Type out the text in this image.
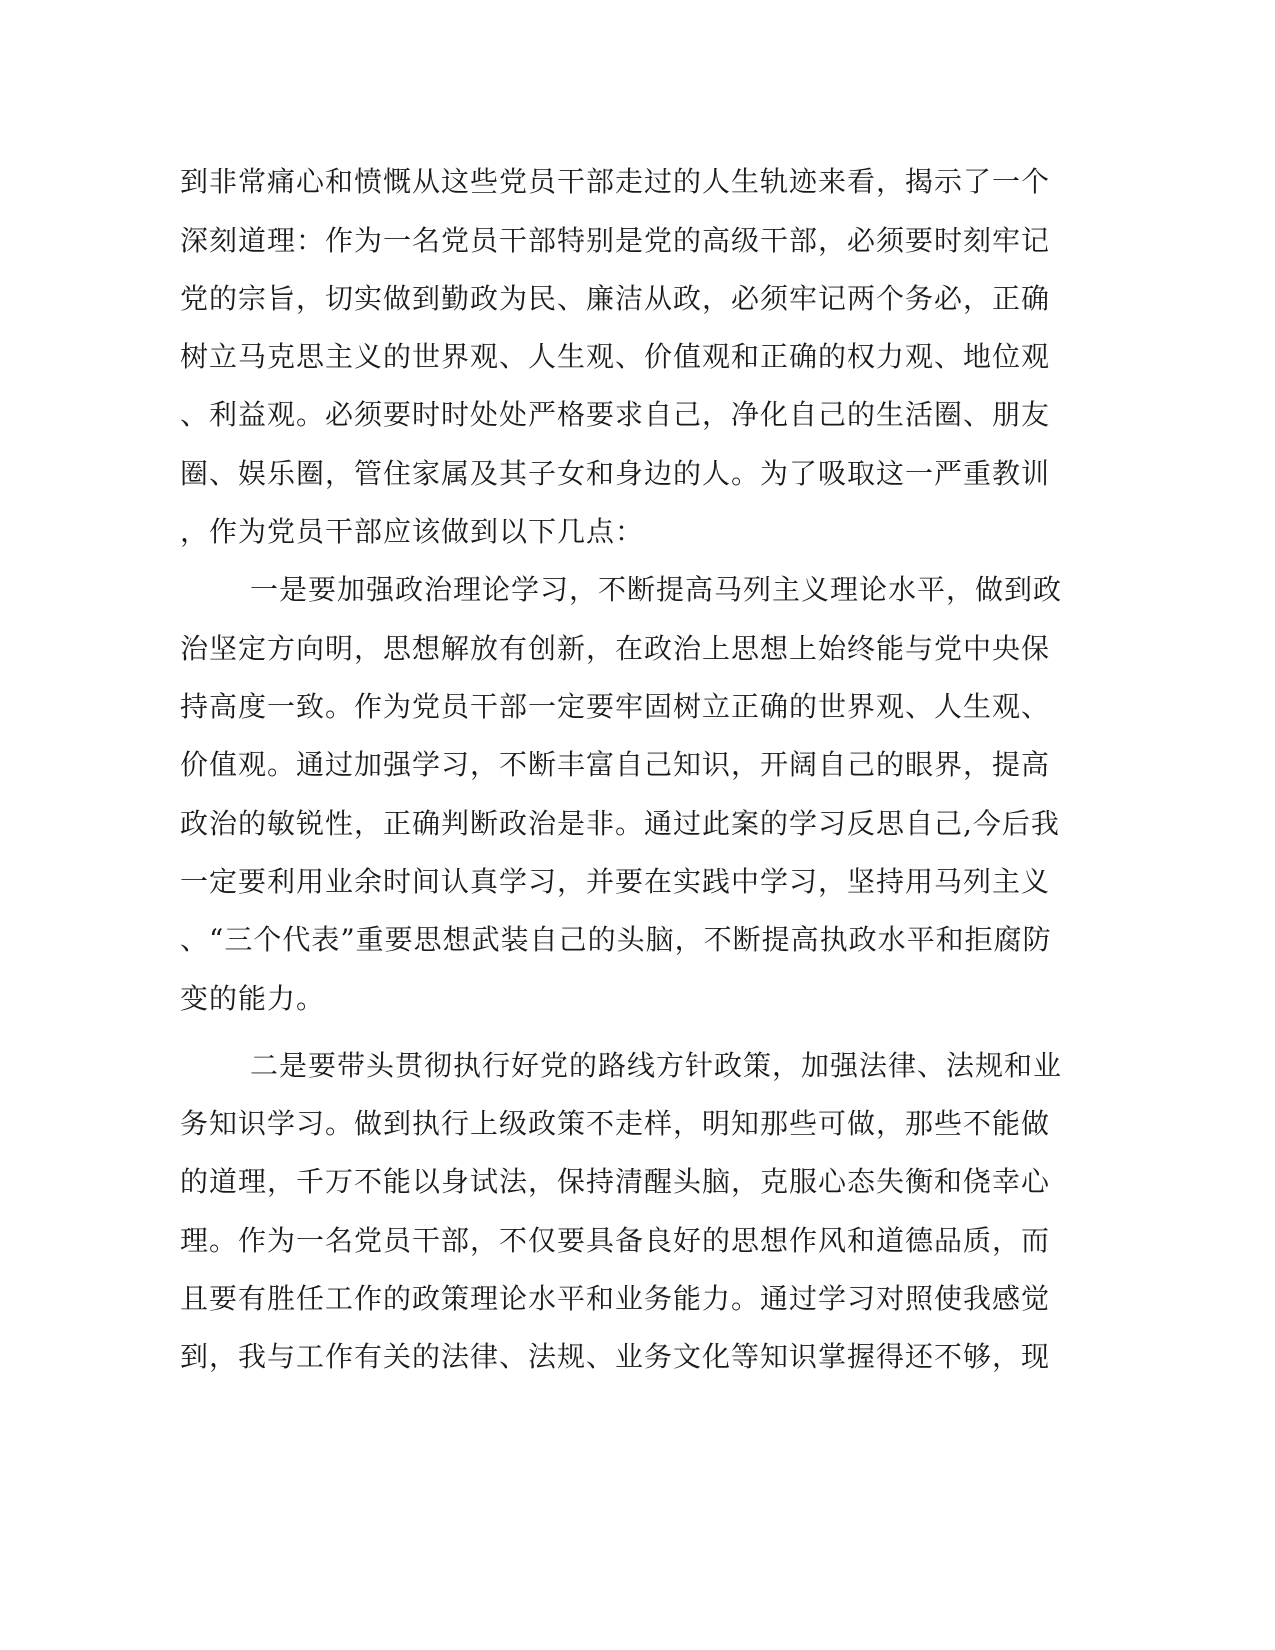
到非常痛心和愤慨从这些党员干部走过的人生轨迹来看，揭示了一个
深刻道理：作为一名党员干部特别是党的高级干部，必须要时刻牢记
党的宗旨，切实做到勤政为民、廉洁从政，必须牢记两个务必，正确
树立马克思主义的世界观、人生观、价值观和正确的权力观、地位观
、利益观。必须要时时处处严格要求自己，净化自己的生活圈、朋友
圈、娱乐圈，管住家属及其子女和身边的人。为了吸取这一严重教训
，作为党员干部应该做到以下几点：
一是要加强政治理论学习，不断提高马列主义理论水平，做到政
治坚定方向明，思想解放有创新，在政治上思想上始终能与党中央保
持高度一致。作为党员干部一定要牢固树立正确的世界观、人生观、
价值观。通过加强学习，不断丰富自己知识，开阔自己的眼界，提高
政治的敏锐性，正确判断政治是非。通过此案的学习反思自己,今后我
一定要利用业余时间认真学习，并要在实践中学习，坚持用马列主义
、“三个代表”重要思想武装自己的头脑，不断提高执政水平和拒腐防
变的能力。
二是要带头贯彻执行好党的路线方针政策，加强法律、法规和业
务知识学习。做到执行上级政策不走样，明知那些可做，那些不能做
的道理，千万不能以身试法，保持清醒头脑，克服心态失衡和侥幸心
理。作为一名党员干部，不仅要具备良好的思想作风和道德品质，而
且要有胜任工作的政策理论水平和业务能力。通过学习对照使我感觉
到，我与工作有关的法律、法规、业务文化等知识掌握得还不够，现
